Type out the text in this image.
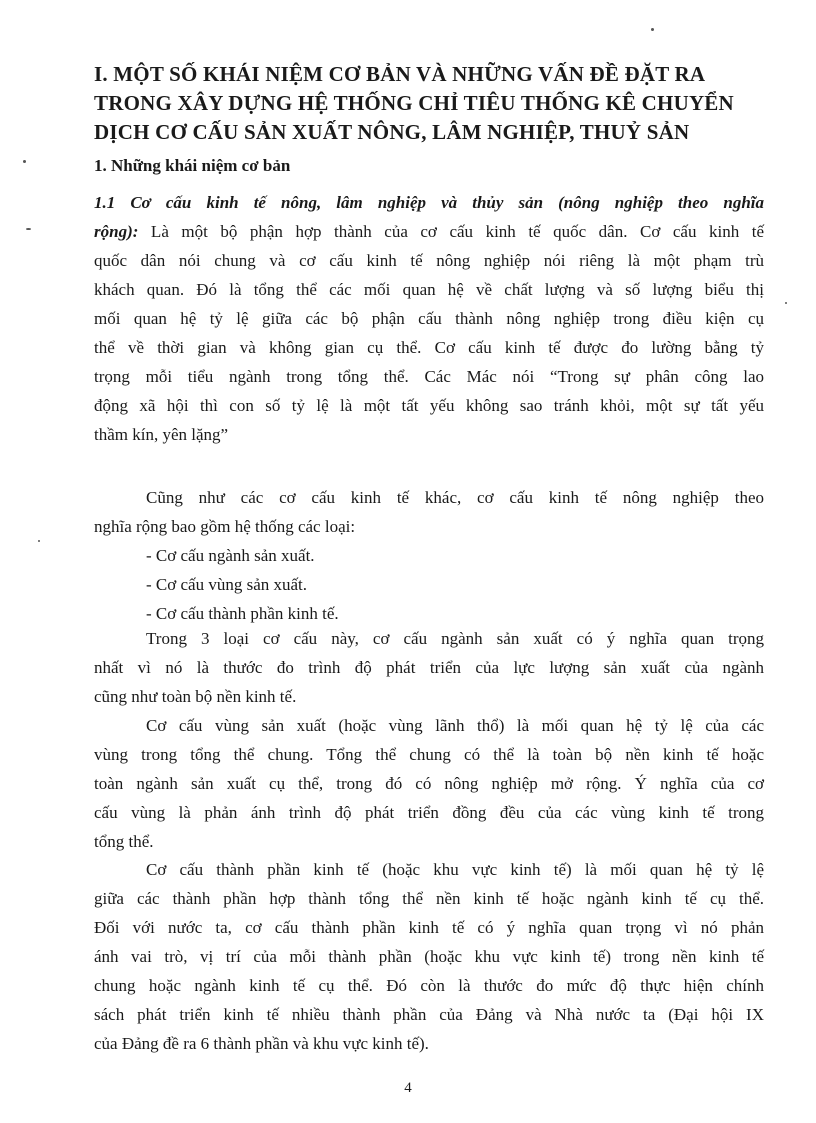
I. MỘT SỐ KHÁI NIỆM CƠ BẢN VÀ NHỮNG VẤN ĐỀ ĐẶT RA
TRONG XÂY DỰNG HỆ THỐNG CHỈ TIÊU THỐNG KÊ CHUYỂN
DỊCH CƠ CẤU SẢN XUẤT NÔNG, LÂM NGHIỆP, THUỶ SẢN
1. Những khái niệm cơ bản
1.1 Cơ cấu kinh tế nông, lâm nghiệp và thủy sản (nông nghiệp theo nghĩa
rộng): Là một bộ phận hợp thành của cơ cấu kinh tế quốc dân. Cơ cấu kinh tế
quốc dân nói chung và cơ cấu kinh tế nông nghiệp nói riêng là một phạm trù
khách quan. Đó là tổng thể các mối quan hệ về chất lượng và số lượng biểu thị
mối quan hệ tỷ lệ giữa các bộ phận cấu thành nông nghiệp trong điều kiện cụ
thể về thời gian và không gian cụ thể. Cơ cấu kinh tế được đo lường bằng tỷ
trọng mỗi tiểu ngành trong tổng thể. Các Mác nói “Trong sự phân công lao
động xã hội thì con số tỷ lệ là một tất yếu không sao tránh khỏi, một sự tất yếu
thầm kín, yên lặng”
Cũng như các cơ cấu kinh tế khác, cơ cấu kinh tế nông nghiệp theo
nghĩa rộng bao gồm hệ thống các loại:
- Cơ cấu ngành sản xuất.
- Cơ cấu vùng sản xuất.
- Cơ cấu thành phần kinh tế.
Trong 3 loại cơ cấu này, cơ cấu ngành sản xuất có ý nghĩa quan trọng
nhất vì nó là thước đo trình độ phát triển của lực lượng sản xuất của ngành
cũng như toàn bộ nền kinh tế.
Cơ cấu vùng sản xuất (hoặc vùng lãnh thổ) là mối quan hệ tỷ lệ của các
vùng trong tổng thể chung. Tổng thể chung có thể là toàn bộ nền kinh tế hoặc
toàn ngành sản xuất cụ thể, trong đó có nông nghiệp mở rộng. Ý nghĩa của cơ
cấu vùng là phản ánh trình độ phát triển đồng đều của các vùng kinh tế trong
tổng thể.
Cơ cấu thành phần kinh tế (hoặc khu vực kinh tế) là mối quan hệ tỷ lệ
giữa các thành phần hợp thành tổng thể nền kinh tế hoặc ngành kinh tế cụ thể.
Đối với nước ta, cơ cấu thành phần kinh tế có ý nghĩa quan trọng vì nó phản
ánh vai trò, vị trí của mỗi thành phần (hoặc khu vực kinh tế) trong nền kinh tế
chung hoặc ngành kinh tế cụ thể. Đó còn là thước đo mức độ thực hiện chính
sách phát triển kinh tế nhiều thành phần của Đảng và Nhà nước ta (Đại hội IX
của Đảng đề ra 6 thành phần và khu vực kinh tế).

4
